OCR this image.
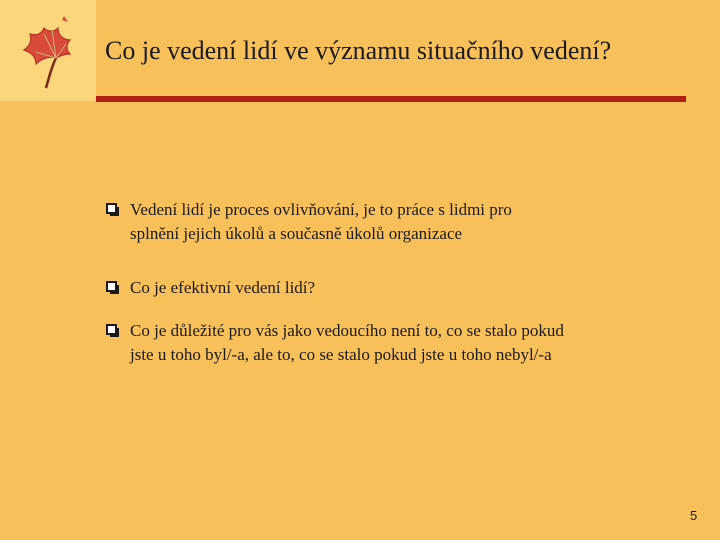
Co je vedení lidí ve významu situačního vedení?
Vedení lidí je proces ovlivňování, je to práce s lidmi pro
splnění jejich úkolů a současně úkolů organizace
Co je efektivní vedení lidí?
Co je důležité pro vás jako vedoucího není to, co se stalo pokud
jste u toho byl/-a, ale to, co se stalo pokud jste u toho nebyl/-a
5
